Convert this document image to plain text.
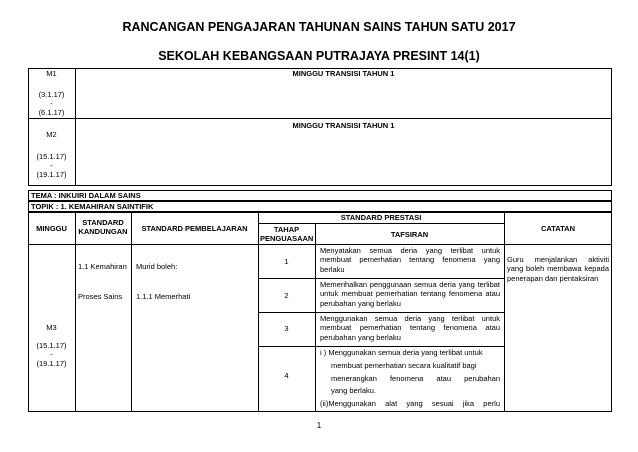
RANCANGAN PENGAJARAN TAHUNAN SAINS TAHUN SATU 2017
SEKOLAH KEBANGSAAN PUTRAJAYA PRESINT 14(1)
M1
(3.1.17)
-
(6.1.17)
MINGGU TRANSISI TAHUN 1
M2
(15.1.17)
-
(19.1.17)
MINGGU TRANSISI TAHUN 1
TEMA : INKUIRI DALAM SAINS
TOPIK : 1. KEMAHIRAN SAINTIFIK
MINGGU
STANDARD KANDUNGAN	STANDARD PEMBELAJARAN
STANDARD PRESTASI
TAHAP PENGUASAAN	TAFSIRAN
CATATAN
M3
(15.1.17)
-
(19.1.17)
1.1 Kemahiran
Proses Sains
Murid boleh:
1.1.1 Memerhati
1
2
3
4
Menyatakan semua deria yang terlibat untuk membuat pemerhatian tentang fenomena yang berlaku
Memerihalkan penggunaan semua deria yang terlibat untuk membuat pemerhatian tentang fenomena atau perubahan yang berlaku
Menggunakan semua deria yang terlibat untuk membuat pemerhatian tentang fenomena atau perubahan yang berlaku
i ) Menggunakan semua deria yang terlibat untuk
membuat pemerhatian secara kualitatif bagi
menerangkan fenomena atau perubahan
yang berlaku.
(ii)Menggunakan alat yang sesuai jika perlu
Guru menjalankan aktiviti yang boleh membawa kepada penerapan dan pentaksiran
1
